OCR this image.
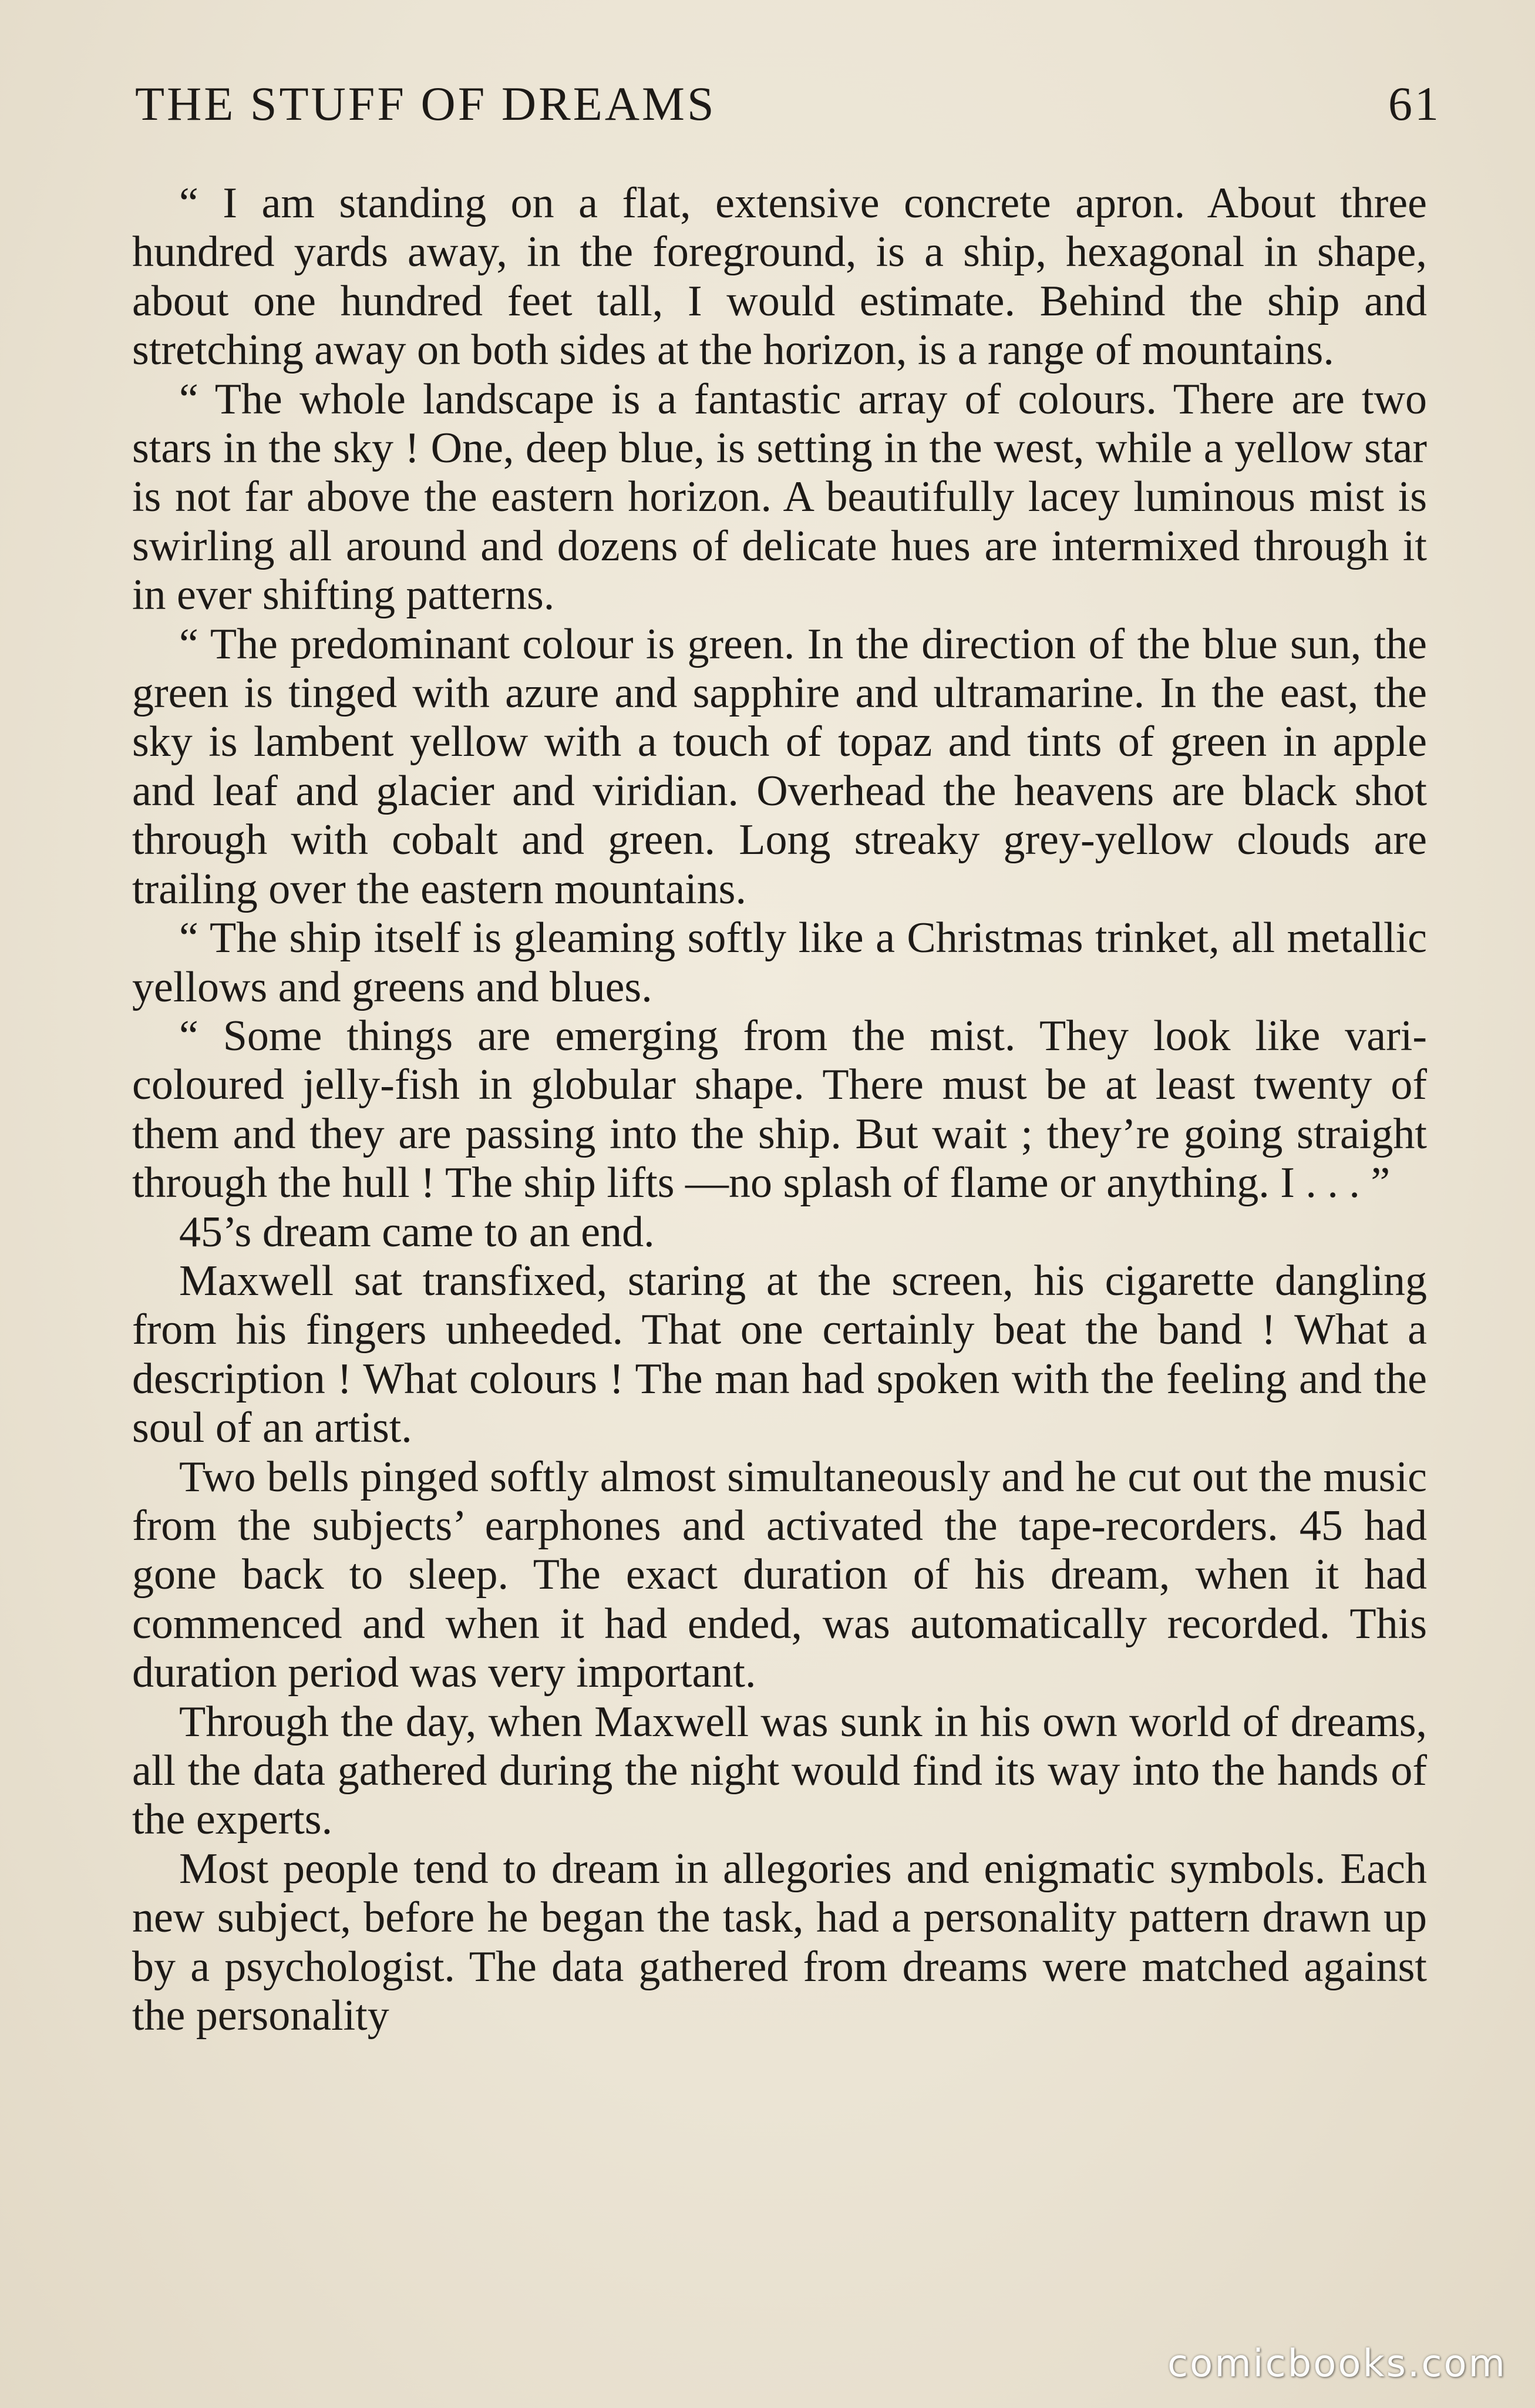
THE STUFF OF DREAMS	61

“ I am standing on a flat, extensive concrete apron. About three hundred yards away, in the foreground, is a ship, hexagonal in shape, about one hundred feet tall, I would estimate. Behind the ship and stretching away on both sides at the horizon, is a range of mountains.

“ The whole landscape is a fantastic array of colours. There are two stars in the sky ! One, deep blue, is setting in the west, while a yellow star is not far above the eastern horizon. A beautifully lacey luminous mist is swirling all around and dozens of delicate hues are intermixed through it in ever shifting patterns.

“ The predominant colour is green. In the direction of the blue sun, the green is tinged with azure and sapphire and ultramarine. In the east, the sky is lambent yellow with a touch of topaz and tints of green in apple and leaf and glacier and viridian. Overhead the heavens are black shot through with cobalt and green. Long streaky grey-yellow clouds are trailing over the eastern mountains.

“ The ship itself is gleaming softly like a Christmas trinket, all metallic yellows and greens and blues.

“ Some things are emerging from the mist. They look like vari-coloured jelly-fish in globular shape. There must be at least twenty of them and they are passing into the ship. But wait ; they’re going straight through the hull ! The ship lifts —no splash of flame or anything. I . . . ”

45’s dream came to an end.

Maxwell sat transfixed, staring at the screen, his cigarette dangling from his fingers unheeded. That one certainly beat the band ! What a description ! What colours ! The man had spoken with the feeling and the soul of an artist.

Two bells pinged softly almost simultaneously and he cut out the music from the subjects’ earphones and activated the tape-recorders. 45 had gone back to sleep. The exact duration of his dream, when it had commenced and when it had ended, was automatically recorded. This duration period was very important.

Through the day, when Maxwell was sunk in his own world of dreams, all the data gathered during the night would find its way into the hands of the experts.

Most people tend to dream in allegories and enigmatic symbols. Each new subject, before he began the task, had a personality pattern drawn up by a psychologist. The data gathered from dreams were matched against the personality

comicbooks.com
